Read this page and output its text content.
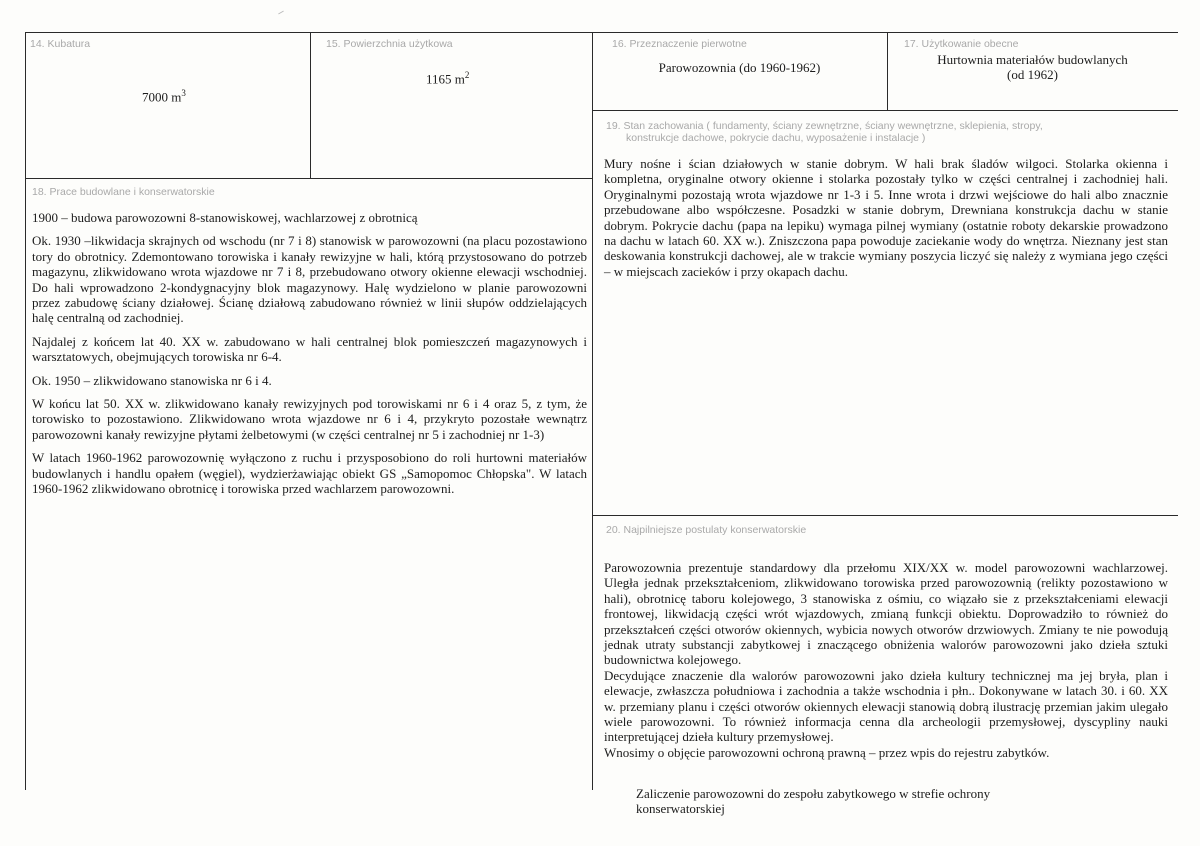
14. Kubatura
7000 $m^3$
15. Powierzchnia użytkowa
1165 $m^2$
16. Przeznaczenie pierwotne
Parowozownia (do 1960-1962)
17. Użytkowanie obecne
Hurtownia materiałów budowlanych
(od 1962)
19. Stan zachowania ( fundamenty, ściany zewnętrzne, ściany wewnętrzne, sklepienia, stropy,
konstrukcje dachowe, pokrycie dachu, wyposażenie i instalacje )
Mury nośne i ścian działowych w stanie dobrym. W hali brak śladów wilgoci. Stolarka okienna i kompletna, oryginalne otwory okienne i stolarka pozostały tylko w części centralnej i zachodniej hali. Oryginalnymi pozostają wrota wjazdowe nr 1-3 i 5. Inne wrota i drzwi wejściowe do hali albo znacznie przebudowane albo współczesne. Posadzki w stanie dobrym, Drewniana konstrukcja dachu w stanie dobrym. Pokrycie dachu (papa na lepiku) wymaga pilnej wymiany (ostatnie roboty dekarskie prowadzono na dachu w latach 60. XX w.). Zniszczona papa powoduje zaciekanie wody do wnętrza. Nieznany jest stan deskowania konstrukcji dachowej, ale w trakcie wymiany poszycia liczyć się należy z wymiana jego części – w miejscach zacieków i przy okapach dachu.
18. Prace budowlane i konserwatorskie

1900 – budowa parowozowni 8-stanowiskowej, wachlarzowej z obrotnicą

Ok. 1930 –likwidacja skrajnych od wschodu (nr 7 i 8) stanowisk w parowozowni (na placu pozostawiono tory do obrotnicy. Zdemontowano torowiska i kanały rewizyjne w hali, którą przystosowano do potrzeb magazynu, zlikwidowano wrota wjazdowe nr 7 i 8, przebudowano otwory okienne elewacji wschodniej. Do hali wprowadzono 2-kondygnacyjny blok magazynowy. Halę wydzielono w planie parowozowni przez zabudowę ściany działowej. Ścianę działową zabudowano również w linii słupów oddzielających halę centralną od zachodniej.

Najdalej z końcem lat 40. XX w. zabudowano w hali centralnej blok pomieszczeń magazynowych i warsztatowych, obejmujących torowiska nr 6-4.

Ok. 1950 – zlikwidowano stanowiska nr 6 i 4.

W końcu lat 50. XX w. zlikwidowano kanały rewizyjnych pod torowiskami nr 6 i 4 oraz 5, z tym, że torowisko to pozostawiono. Zlikwidowano wrota wjazdowe nr 6 i 4, przykryto pozostałe wewnątrz parowozowni kanały rewizyjne płytami żelbetowymi (w części centralnej nr 5 i zachodniej nr 1-3)

W latach 1960-1962 parowozownię wyłączono z ruchu i przysposobiono do roli hurtowni materiałów budowlanych i handlu opałem (węgiel), wydzierżawiając obiekt GS „Samopomoc Chłopska". W latach 1960-1962 zlikwidowano obrotnicę i torowiska przed wachlarzem parowozowni.

20. Najpilniejsze postulaty konserwatorskie

Parowozownia prezentuje standardowy dla przełomu XIX/XX w. model parowozowni wachlarzowej. Uległa jednak przekształceniom, zlikwidowano torowiska przed parowozownią (relikty pozostawiono w hali), obrotnicę taboru kolejowego, 3 stanowiska z ośmiu, co wiązało sie z przekształceniami elewacji frontowej, likwidacją części wrót wjazdowych, zmianą funkcji obiektu. Doprowadziło to również do przekształceń części otworów okiennych, wybicia nowych otworów drzwiowych. Zmiany te nie powodują jednak utraty substancji zabytkowej i znaczącego obniżenia walorów parowozowni jako dzieła sztuki budownictwa kolejowego.

Decydujące znaczenie dla walorów parowozowni jako dzieła kultury technicznej ma jej bryła, plan i elewacje, zwłaszcza południowa i zachodnia a także wschodnia i płn.. Dokonywane w latach 30. i 60. XX w. przemiany planu i części otworów okiennych elewacji stanowią dobrą ilustrację przemian jakim ulegało wiele parowozowni. To również informacja cenna dla archeologii przemysłowej, dyscypliny nauki interpretującej dzieła kultury przemysłowej.

Wnosimy o objęcie parowozowni ochroną prawną – przez wpis do rejestru zabytków.

Zaliczenie parowozowni do zespołu zabytkowego w strefie ochrony konserwatorskiej
